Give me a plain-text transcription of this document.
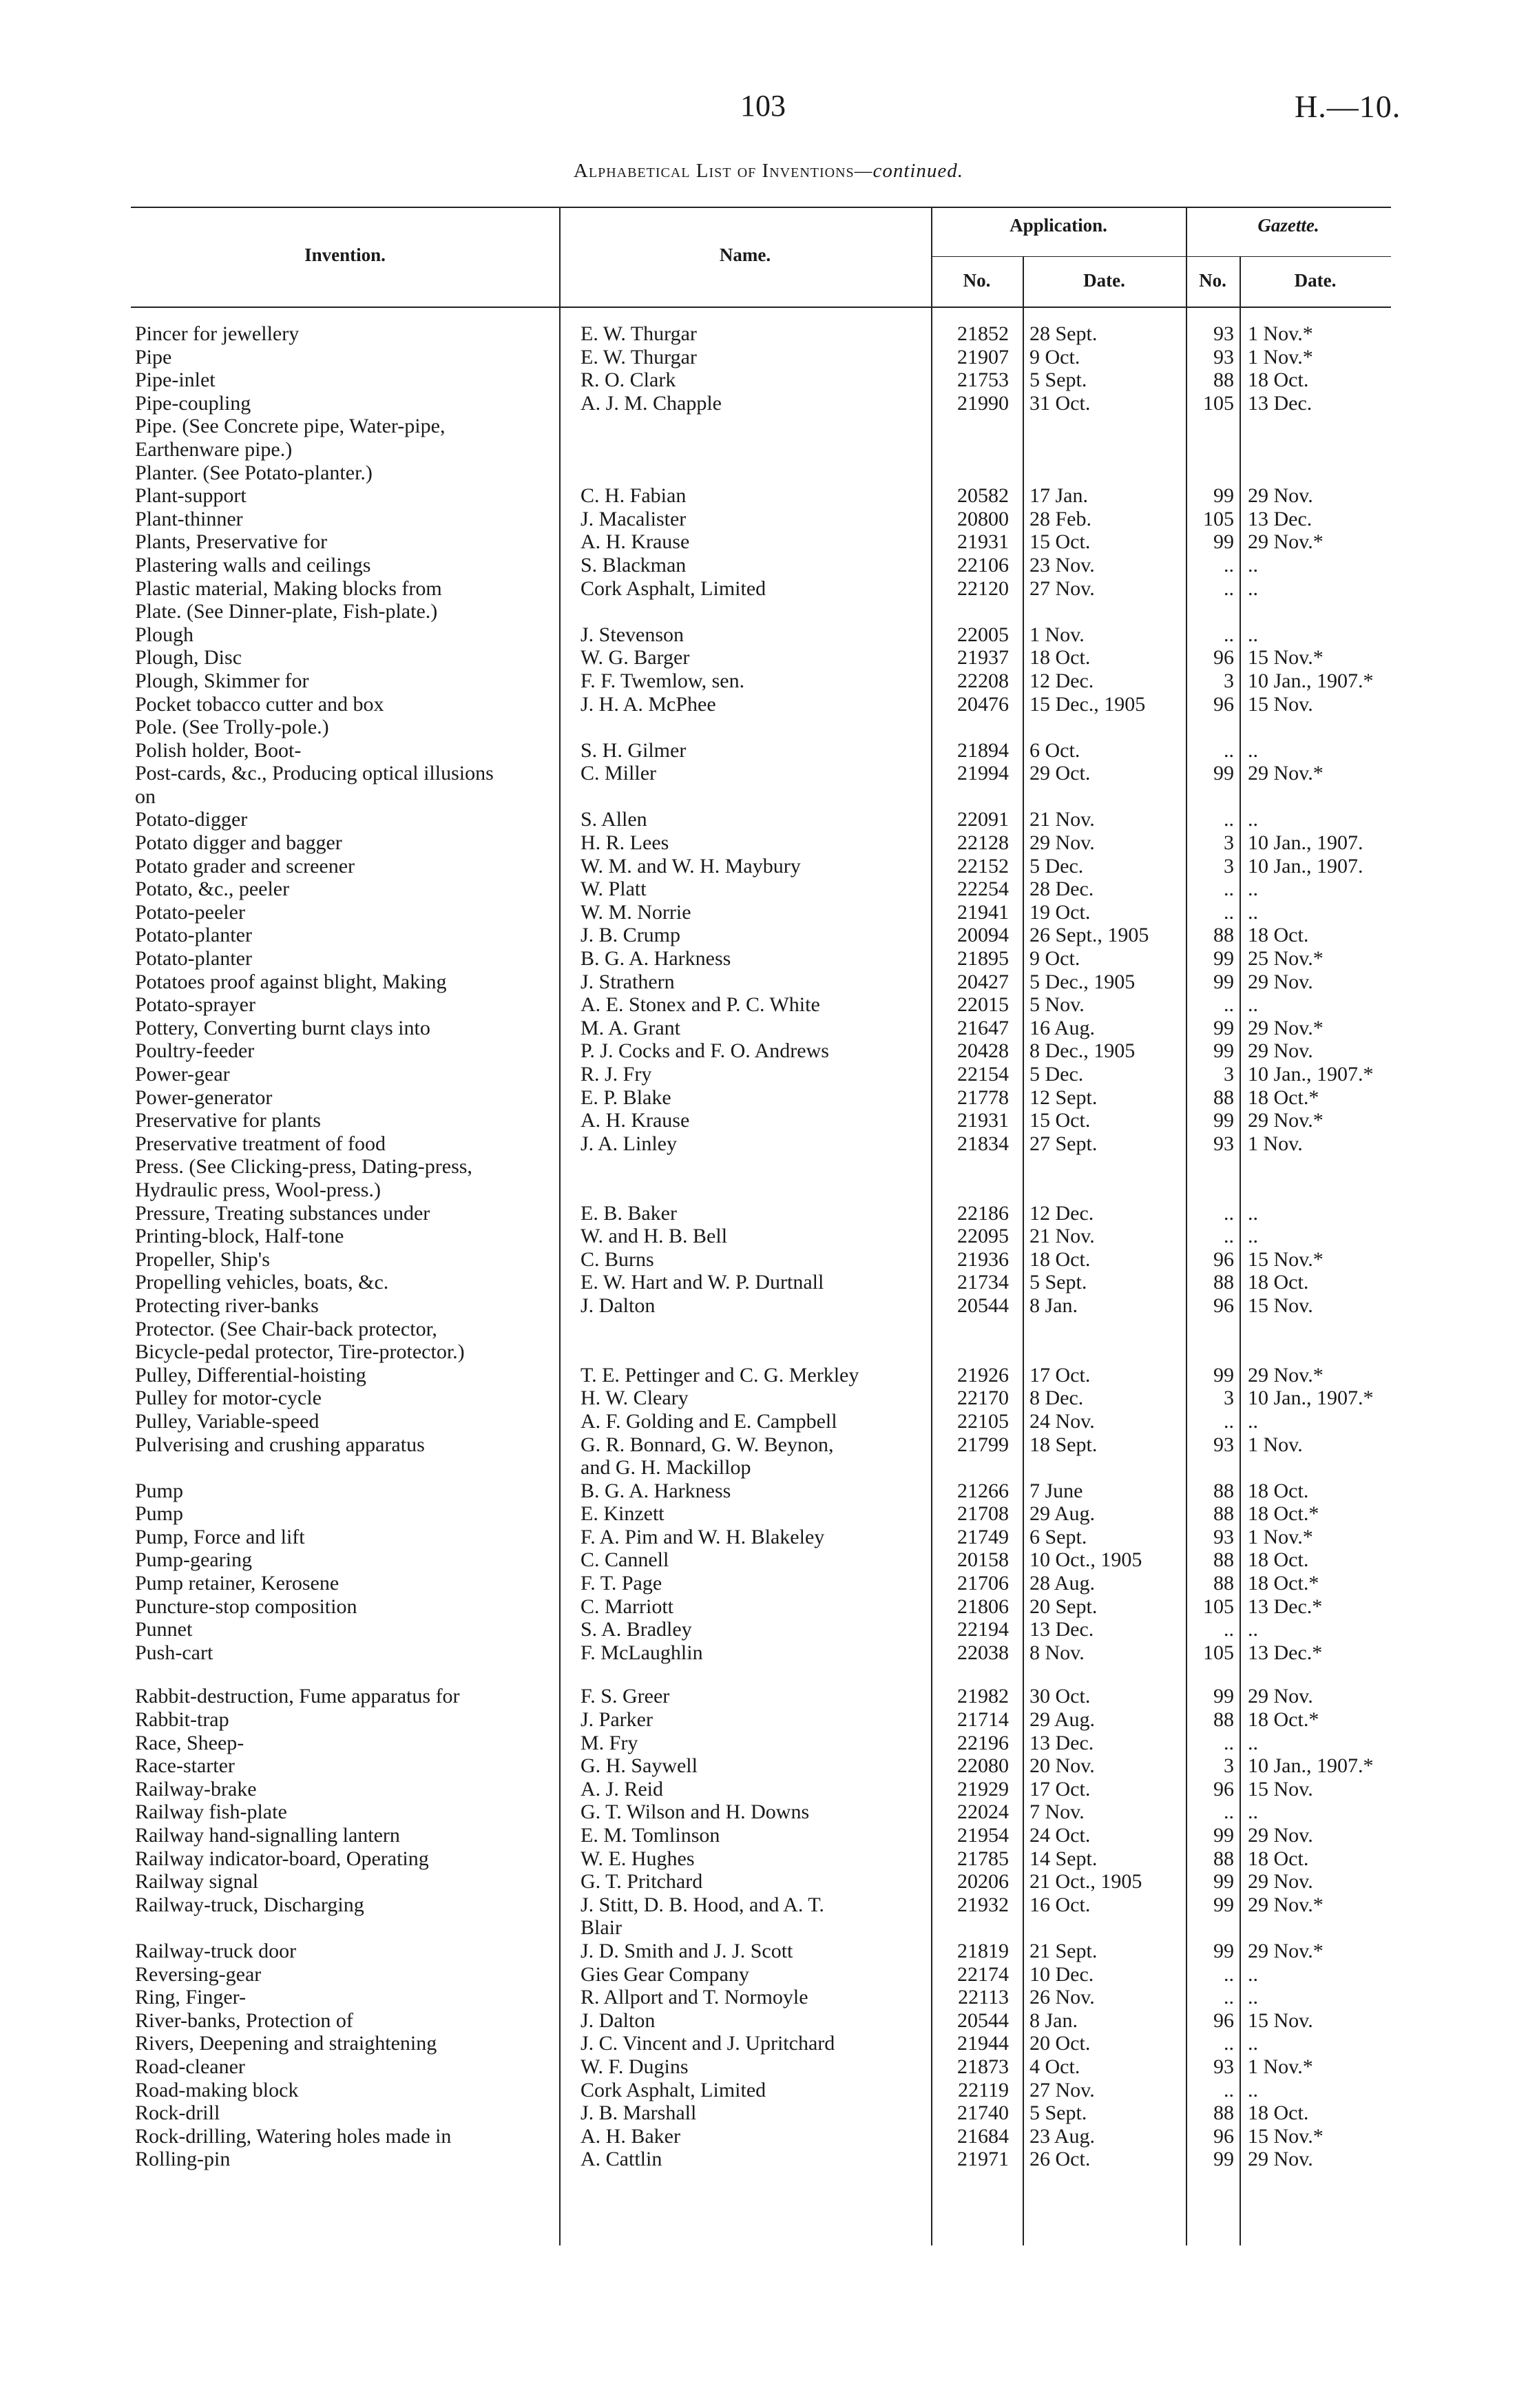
103	H.—10.
Alphabetical List of Inventions—continued.
Invention.	Name.
Application.
No.	Date.
Gazette.
No.	Date.
Pincer for jewellery	E. W. Thurgar	21852 28 Sept.	93 1 Nov.*
Pipe	E. W. Thurgar	21907 9 Oct.	93 1 Nov.*
Pipe-inlet	R. O. Clark	21753 5 Sept.	88 18 Oct.
Pipe-coupling	A. J. M. Chapple	21990 31 Oct.	105 13 Dec.
Pipe. (See Concrete pipe, Water-pipe,
Earthenware pipe.)
Planter. (See Potato-planter.)
Plant-support	C. H. Fabian	20582 17 Jan.	99 29 Nov.
Plant-thinner	J. Macalister	20800 28 Feb.	105 13 Dec.
Plants, Preservative for	A. H. Krause	21931 15 Oct.	99 29 Nov.*
Plastering walls and ceilings	S. Blackman	22106 23 Nov.	.. ..
Plastic material, Making blocks from	Cork Asphalt, Limited	22120 27 Nov.	.. ..
Plate. (See Dinner-plate, Fish-plate.)
Plough	J. Stevenson	22005 1 Nov.	.. ..
Plough, Disc	W. G. Barger	21937 18 Oct.	96 15 Nov.*
Plough, Skimmer for	F. F. Twemlow, sen.	22208 12 Dec.	3 10 Jan., 1907.*
Pocket tobacco cutter and box	J. H. A. McPhee	20476 15 Dec., 1905	96 15 Nov.
Pole. (See Trolly-pole.)
Polish holder, Boot-	S. H. Gilmer	21894 6 Oct.	.. ..
Post-cards, &c., Producing optical illusions	C. Miller	21994 29 Oct.	99 29 Nov.*
on
Potato-digger	S. Allen	22091 21 Nov.	.. ..
Potato digger and bagger	H. R. Lees	22128 29 Nov.	3 10 Jan., 1907.
Potato grader and screener	W. M. and W. H. Maybury	22152 5 Dec.	3 10 Jan., 1907.
Potato, &c., peeler	W. Platt	22254 28 Dec.	.. ..
Potato-peeler	W. M. Norrie	21941 19 Oct.	.. ..
Potato-planter	J. B. Crump	20094 26 Sept., 1905	88 18 Oct.
Potato-planter	B. G. A. Harkness	21895 9 Oct.	99 25 Nov.*
Potatoes proof against blight, Making	J. Strathern	20427 5 Dec., 1905	99 29 Nov.
Potato-sprayer	A. E. Stonex and P. C. White	22015 5 Nov.	.. ..
Pottery, Converting burnt clays into	M. A. Grant	21647 16 Aug.	99 29 Nov.*
Poultry-feeder	P. J. Cocks and F. O. Andrews	20428 8 Dec., 1905	99 29 Nov.
Power-gear	R. J. Fry	22154 5 Dec.	3 10 Jan., 1907.*
Power-generator	E. P. Blake	21778 12 Sept.	88 18 Oct.*
Preservative for plants	A. H. Krause	21931 15 Oct.	99 29 Nov.*
Preservative treatment of food	J. A. Linley	21834 27 Sept.	93 1 Nov.
Press. (See Clicking-press, Dating-press,
Hydraulic press, Wool-press.)
Pressure, Treating substances under	E. B. Baker	22186 12 Dec.	.. ..
Printing-block, Half-tone	W. and H. B. Bell	22095 21 Nov.	.. ..
Propeller, Ship's	C. Burns	21936 18 Oct.	96 15 Nov.*
Propelling vehicles, boats, &c.	E. W. Hart and W. P. Durtnall	21734 5 Sept.	88 18 Oct.
Protecting river-banks	J. Dalton	20544 8 Jan.	96 15 Nov.
Protector. (See Chair-back protector,
Bicycle-pedal protector, Tire-protector.)
Pulley, Differential-hoisting	T. E. Pettinger and C. G. Merkley	21926 17 Oct.	99 29 Nov.*
Pulley for motor-cycle	H. W. Cleary	22170 8 Dec.	3 10 Jan., 1907.*
Pulley, Variable-speed	A. F. Golding and E. Campbell	22105 24 Nov.	.. ..
Pulverising and crushing apparatus	G. R. Bonnard, G. W. Beynon,	21799 18 Sept.	93 1 Nov.
and G. H. Mackillop
Pump	B. G. A. Harkness	21266 7 June	88 18 Oct.
Pump	E. Kinzett	21708 29 Aug.	88 18 Oct.*
Pump, Force and lift	F. A. Pim and W. H. Blakeley	21749 6 Sept.	93 1 Nov.*
Pump-gearing	C. Cannell	20158 10 Oct., 1905	88 18 Oct.
Pump retainer, Kerosene	F. T. Page	21706 28 Aug.	88 18 Oct.*
Puncture-stop composition	C. Marriott	21806 20 Sept.	105 13 Dec.*
Punnet	S. A. Bradley	22194 13 Dec.	.. ..
Push-cart	F. McLaughlin	22038 8 Nov.	105 13 Dec.*
Rabbit-destruction, Fume apparatus for	F. S. Greer	21982 30 Oct.	99 29 Nov.
Rabbit-trap	J. Parker	21714 29 Aug.	88 18 Oct.*
Race, Sheep-	M. Fry	22196 13 Dec.	.. ..
Race-starter	G. H. Saywell	22080 20 Nov.	3 10 Jan., 1907.*
Railway-brake	A. J. Reid	21929 17 Oct.	96 15 Nov.
Railway fish-plate	G. T. Wilson and H. Downs	22024 7 Nov.	.. ..
Railway hand-signalling lantern	E. M. Tomlinson	21954 24 Oct.	99 29 Nov.
Railway indicator-board, Operating	W. E. Hughes	21785 14 Sept.	88 18 Oct.
Railway signal	G. T. Pritchard	20206 21 Oct., 1905	99 29 Nov.
Railway-truck, Discharging	J. Stitt, D. B. Hood, and A. T.	21932 16 Oct.	99 29 Nov.*
Blair
Railway-truck door	J. D. Smith and J. J. Scott	21819 21 Sept.	99 29 Nov.*
Reversing-gear	Gies Gear Company	22174 10 Dec.	.. ..
Ring, Finger-	R. Allport and T. Normoyle	22113 26 Nov.	.. ..
River-banks, Protection of	J. Dalton	20544 8 Jan.	96 15 Nov.
Rivers, Deepening and straightening	J. C. Vincent and J. Upritchard	21944 20 Oct.	.. ..
Road-cleaner	W. F. Dugins	21873 4 Oct.	93 1 Nov.*
Road-making block	Cork Asphalt, Limited	22119 27 Nov.	.. ..
Rock-drill	J. B. Marshall	21740 5 Sept.	88 18 Oct.
Rock-drilling, Watering holes made in	A. H. Baker	21684 23 Aug.	96 15 Nov.*
Rolling-pin	A. Cattlin	21971 26 Oct.	99 29 Nov.
